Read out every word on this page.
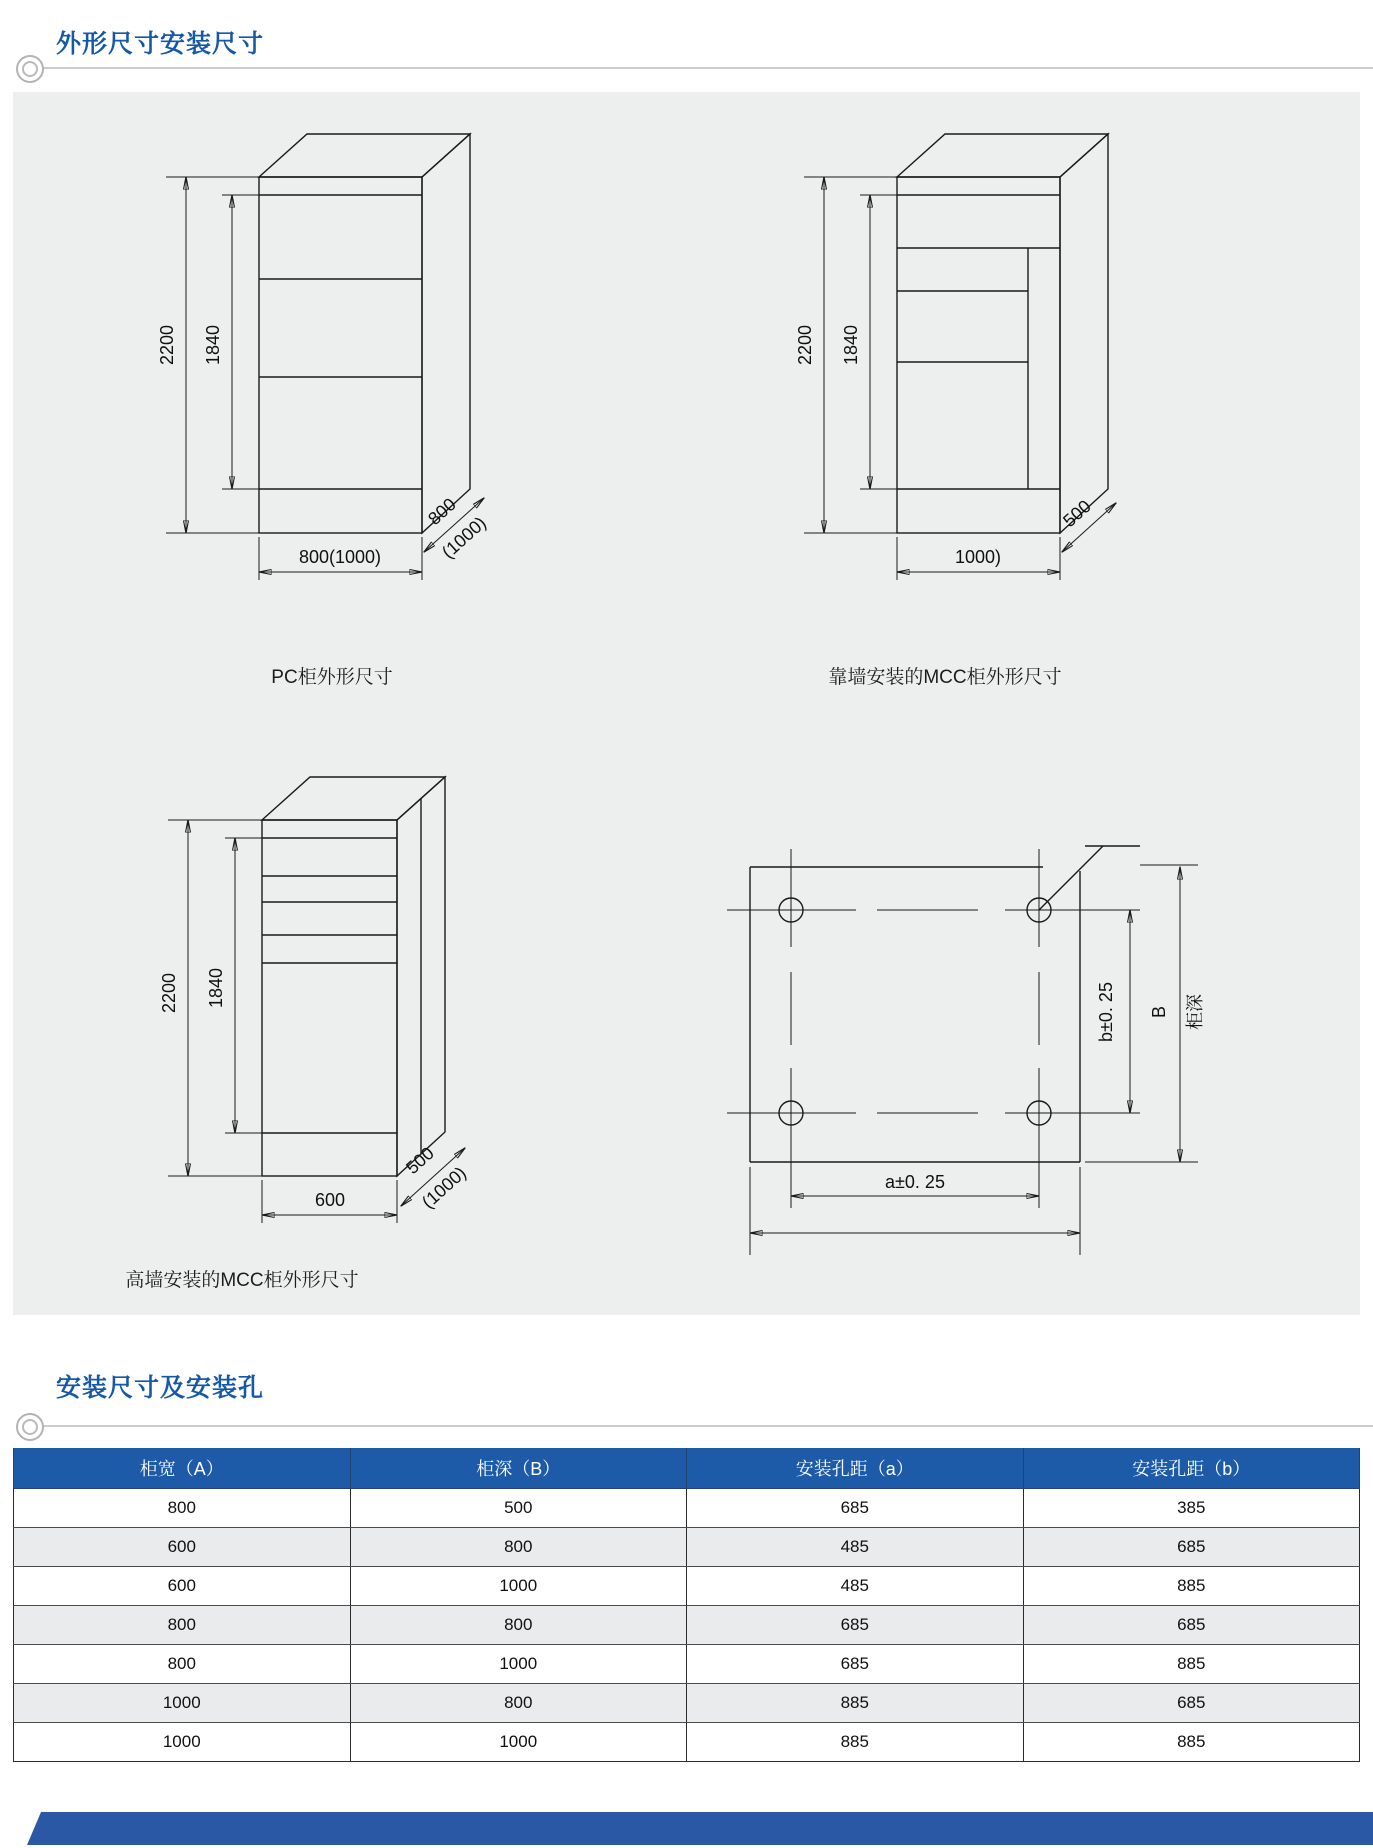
外形尺寸安装尺寸
2200 1840
800(1000)
800
(1000)
2200 1840
1000)
500
PC柜外形尺寸	靠墙安装的MCC柜外形尺寸
2200 1840
600
500
(1000)
b±0. 25 B 柜深
a±0. 25
高墙安装的MCC柜外形尺寸
安装尺寸及安装孔
柜宽（A）	柜深（B）	安装孔距（a）	安装孔距（b）
800	500	685	385
600	800	485	685
600	1000	485	885
800	800	685	685
800	1000	685	885
1000	800	885	685
1000	1000	885	885
